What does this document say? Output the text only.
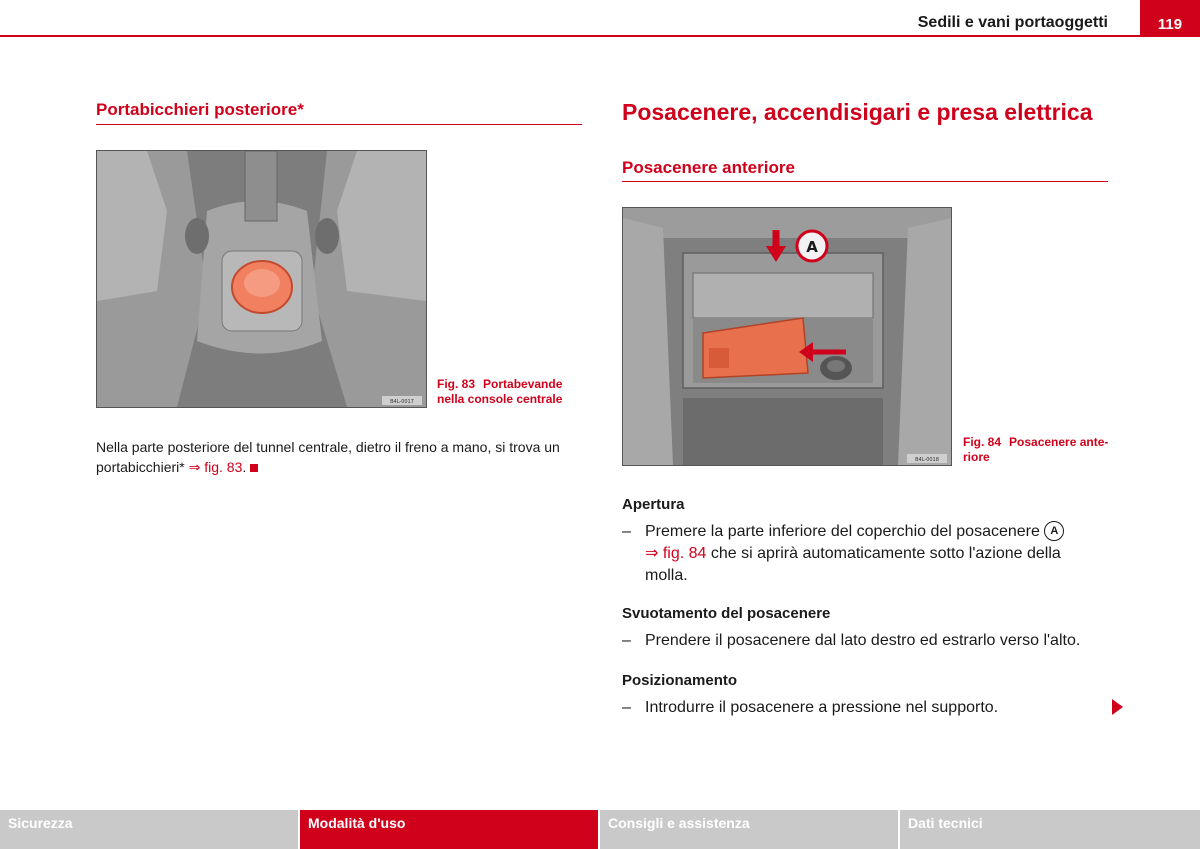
Sedili e vani portaoggetti	119
Portabicchieri posteriore*
B4L-0017
Fig. 83 Portabevande
nella console centrale
Nella parte posteriore del tunnel centrale, dietro il freno a mano, si trova un
portabicchieri* ⇒ fig. 83.
Posacenere, accendisigari e presa elettrica
Posacenere anteriore
A
B4L-0018
Fig. 84 Posacenere ante-
riore
Apertura
– Premere la parte inferiore del coperchio del posacenere A
⇒ fig. 84 che si aprirà automaticamente sotto l'azione della
molla.
Svuotamento del posacenere
– Prendere il posacenere dal lato destro ed estrarlo verso l'alto.
Posizionamento
– Introdurre il posacenere a pressione nel supporto.
Sicurezza	Modalità d'uso	Consigli e assistenza	Dati tecnici
